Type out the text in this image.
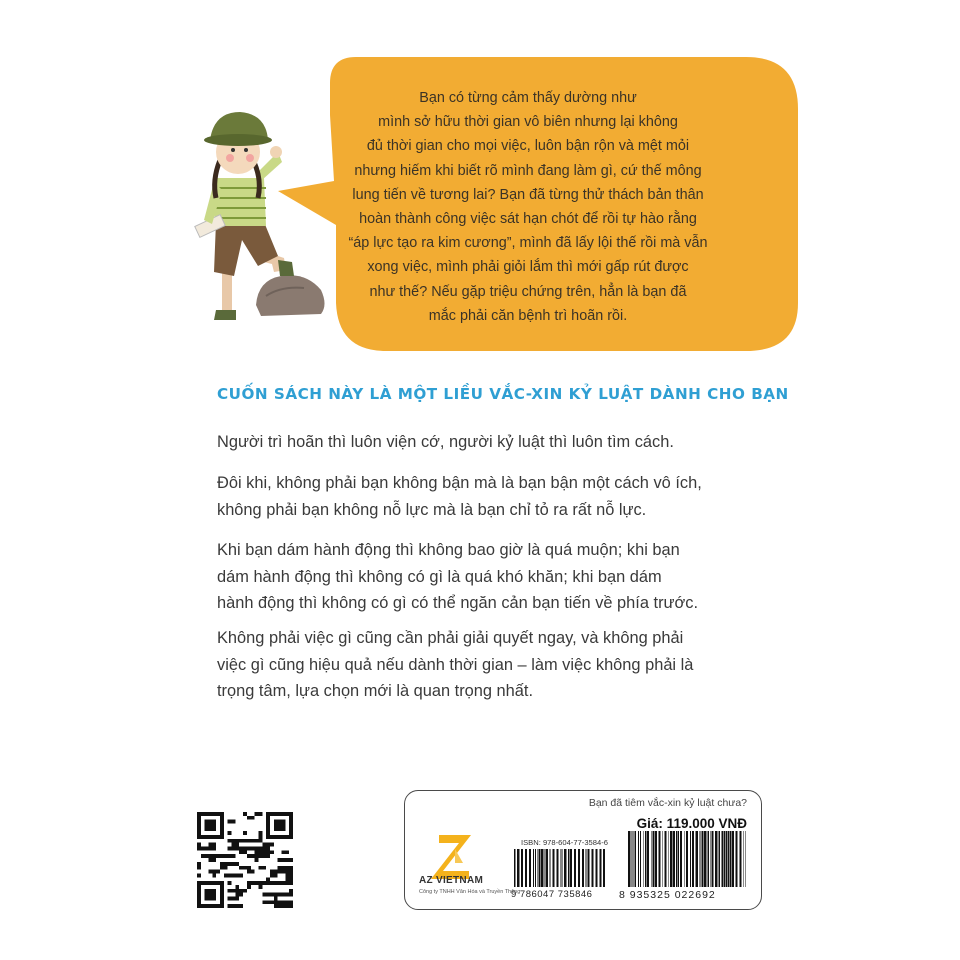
Bạn có từng cảm thấy dường như
mình sở hữu thời gian vô biên nhưng lại không
đủ thời gian cho mọi việc, luôn bận rộn và mệt mỏi
nhưng hiếm khi biết rõ mình đang làm gì, cứ thế mông
lung tiến về tương lai? Bạn đã từng thử thách bản thân
hoàn thành công việc sát hạn chót để rồi tự hào rằng
“áp lực tạo ra kim cương”, mình đã lấy lội thế rồi mà vẫn
xong việc, mình phải giỏi lắm thì mới gấp rút được
như thế? Nếu gặp triệu chứng trên, hẳn là bạn đã
mắc phải căn bệnh trì hoãn rồi.
CUỐN SÁCH NÀY LÀ MỘT LIỀU VẮC-XIN KỶ LUẬT DÀNH CHO BẠN
Người trì hoãn thì luôn viện cớ, người kỷ luật thì luôn tìm cách.
Đôi khi, không phải bạn không bận mà là bạn bận một cách vô ích,
không phải bạn không nỗ lực mà là bạn chỉ tỏ ra rất nỗ lực.
Khi bạn dám hành động thì không bao giờ là quá muộn; khi bạn
dám hành động thì không có gì là quá khó khăn; khi bạn dám
hành động thì không có gì có thể ngăn cản bạn tiến về phía trước.
Không phải việc gì cũng cần phải giải quyết ngay, và không phải
việc gì cũng hiệu quả nếu dành thời gian – làm việc không phải là
trọng tâm, lựa chọn mới là quan trọng nhất.
Bạn đã tiêm vắc-xin kỷ luật chưa?
Giá: 119.000 VNĐ
AZ VIETNAM
Công ty TNHH Văn Hóa và Truyền Thông
ISBN: 978-604-77-3584-6
9 786047 735846	8 935325 022692
